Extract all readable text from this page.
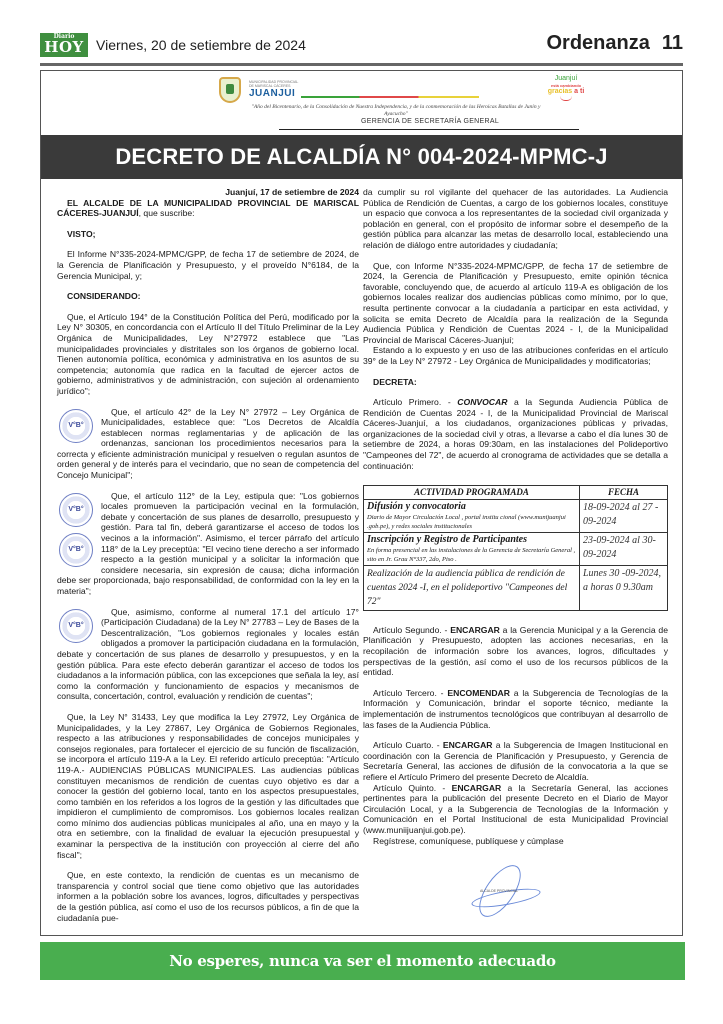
Diario
HOY Viernes, 20 de setiembre de 2024	Ordenanza 11
MUNICIPALIDAD PROVINCIAL DE MARISCAL CÁCERES
JUANJUI
"Año del Bicentenario, de la Consolidación de Nuestra Independencia, y de la conmemoración de las Heroicas Batallas de Junín y Ayacucho"
Juanjuí
está cambiando
gracias a ti
GERENCIA DE SECRETARÍA GENERAL
DECRETO DE ALCALDÍA N° 004-2024-MPMC-J
Juanjuí, 17 de setiembre de 2024

EL ALCALDE DE LA MUNICIPALIDAD PROVINCIAL DE MARISCAL CÁCERES-JUANJUÍ, que suscribe:

VISTO;

El Informe N°335-2024-MPMC/GPP, de fecha 17 de setiembre de 2024, de la Gerencia de Planificación y Presupuesto, y el proveído N°6184, de la Gerencia Municipal, y;

CONSIDERANDO:

Que, el Artículo 194° de la Constitución Política del Perú, modificado por la Ley N° 30305, en concordancia con el Artículo II del Título Preliminar de la Ley Orgánica de Municipalidades, Ley N°27972 establece que "Las municipalidades provinciales y distritales son los órganos de gobierno local. Tienen autonomía política, económica y administrativa en los asuntos de su competencia; autonomía que radica en la facultad de ejercer actos de gobierno, administrativos y de administración, con sujeción al ordenamiento jurídico";

V°B°

Que, el artículo 42° de la Ley N° 27972 – Ley Orgánica de Municipalidades, establece que: "Los Decretos de Alcaldía establecen normas reglamentarias y de aplicación de las ordenanzas, sancionan los procedimientos necesarios para la correcta y eficiente administración municipal y resuelven o regulan asuntos de orden general y de interés para el vecindario, que no sean de competencia del Concejo Municipal";

V°B°
V°B°

Que, el artículo 112° de la Ley, estipula que: "Los gobiernos locales promueven la participación vecinal en la formulación, debate y concertación de sus planes de desarrollo, presupuesto y gestión. Para tal fin, deberá garantizarse el acceso de todos los vecinos a la información". Asimismo, el tercer párrafo del artículo 118° de la Ley preceptúa: "El vecino tiene derecho a ser informado respecto a la gestión municipal y a solicitar la información que considere necesaria, sin expresión de causa; dicha información debe ser proporcionada, bajo responsabilidad, de conformidad con la ley en la materia";

V°B°

Que, asimismo, conforme al numeral 17.1 del artículo 17° (Participación Ciudadana) de la Ley N° 27783 – Ley de Bases de la Descentralización, "Los gobiernos regionales y locales están obligados a promover la participación ciudadana en la formulación, debate y concertación de sus planes de desarrollo y presupuestos, y en la gestión pública. Para este efecto deberán garantizar el acceso de todos los ciudadanos a la información pública, con las excepciones que señala la ley, así como la conformación y funcionamiento de espacios y mecanismos de consulta, concertación, control, evaluación y rendición de cuentas";

Que, la Ley N° 31433, Ley que modifica la Ley 27972, Ley Orgánica de Municipalidades, y la Ley 27867, Ley Orgánica de Gobiernos Regionales, respecto a las atribuciones y responsabilidades de concejos municipales y consejos regionales, para fortalecer el ejercicio de su función de fiscalización, se incorpora el artículo 119-A a la Ley. El referido artículo preceptúa: "Artículo 119-A.- AUDIENCIAS PÚBLICAS MUNICIPALES. Las audiencias públicas constituyen mecanismos de rendición de cuentas cuyo objetivo es dar a conocer la gestión del gobierno local, tanto en los aspectos presupuestales, como también en los referidos a los logros de la gestión y las dificultades que impidieron el cumplimiento de compromisos. Los gobiernos locales realizan como mínimo dos audiencias públicas municipales al año, una en mayo y la otra en setiembre, con la finalidad de evaluar la ejecución presupuestal y examinar la perspectiva de la institución con proyección al cierre del año fiscal";

Que, en este contexto, la rendición de cuentas es un mecanismo de transparencia y control social que tiene como objetivo que las autoridades informen a la población sobre los avances, logros, dificultades y perspectivas de la gestión pública, así como el uso de los recursos públicos, a fin de que la ciudadanía pue-

da cumplir su rol vigilante del quehacer de las autoridades. La Audiencia Pública de Rendición de Cuentas, a cargo de los gobiernos locales, constituye un espacio que convoca a los representantes de la sociedad civil organizada y población en general, con el propósito de informar sobre el desempeño de la gestión pública para alcanzar las metas de desarrollo local, estableciendo una relación de diálogo entre autoridades y ciudadanía;

Que, con Informe N°335-2024-MPMC/GPP, de fecha 17 de setiembre de 2024, la Gerencia de Planificación y Presupuesto, emite opinión técnica favorable, concluyendo que, de acuerdo al artículo 119-A es obligación de los gobiernos locales realizar dos audiencias públicas como mínimo, por lo que, resulta pertinente convocar a la ciudadanía a participar en esta actividad, y solicita se emita Decreto de Alcaldía para la realización de la Segunda Audiencia Pública y Rendición de Cuentas 2024 - I, de la Municipalidad Provincial de Mariscal Cáceres-Juanjuí;

Estando a lo expuesto y en uso de las atribuciones conferidas en el artículo 39° de la Ley N° 27972 - Ley Orgánica de Municipalidades y modificatorias;

DECRETA:

Artículo Primero. - CONVOCAR a la Segunda Audiencia Pública de Rendición de Cuentas 2024 - I, de la Municipalidad Provincial de Mariscal Cáceres-Juanjuí, a los ciudadanos, organizaciones públicas y privadas, organizaciones de la sociedad civil y otras, a llevarse a cabo el día lunes 30 de setiembre de 2024, a horas 09:30am, en las instalaciones del Polideportivo "Campeones del 72", de acuerdo al cronograma de actividades que se detalla a continuación:

ACTIVIDAD PROGRAMADA	FECHA

Difusión y convocatoria
Diario de Mayor Circulación Local , portal institu cional (www.munijuanjui .gob.pe), y redes sociales institucionales	18-09-2024 al 27 - 09-2024

Inscripción y Registro de Participantes
En forma presencial en las instalaciones de la Gerencia de Secretaría General , sito en Jr. Grau N°337, 2do, Piso .	23-09-2024 al 30- 09-2024
Realización de la audiencia pública de rendición de cuentas 2024 -I, en el polideportivo "Campeones del 72"	Lunes 30 -09-2024, a horas 0 9.30am

Artículo Segundo. - ENCARGAR a la Gerencia Municipal y a la Gerencia de Planificación y Presupuesto, adopten las acciones necesarias, en la recopilación de información sobre los avances, logros, dificultades y perspectivas de la gestión, así como el uso de los recursos públicos de la entidad.

Artículo Tercero. - ENCOMENDAR a la Subgerencia de Tecnologías de la Información y Comunicación, brindar el soporte técnico, mediante la implementación de instrumentos tecnológicos que contribuyan al desarrollo de las fases de la Audiencia Pública.

Artículo Cuarto. - ENCARGAR a la Subgerencia de Imagen Institucional en coordinación con la Gerencia de Planificación y Presupuesto, y Gerencia de Secretaría General, las acciones de difusión de la convocatoria a la que se refiere el Artículo Primero del presente Decreto de Alcaldía.

Artículo Quinto. - ENCARGAR a la Secretaría General, las acciones pertinentes para la publicación del presente Decreto en el Diario de Mayor Circulación Local, y a la Subgerencia de Tecnologías de la Información y Comunicación en el Portal Institucional de esta Municipalidad Provincial (www.muniijuanjui.gob.pe).

Regístrese, comuníquese, publíquese y cúmplase

ALCALDE PROVINCIAL
No esperes, nunca va ser el momento adecuado
